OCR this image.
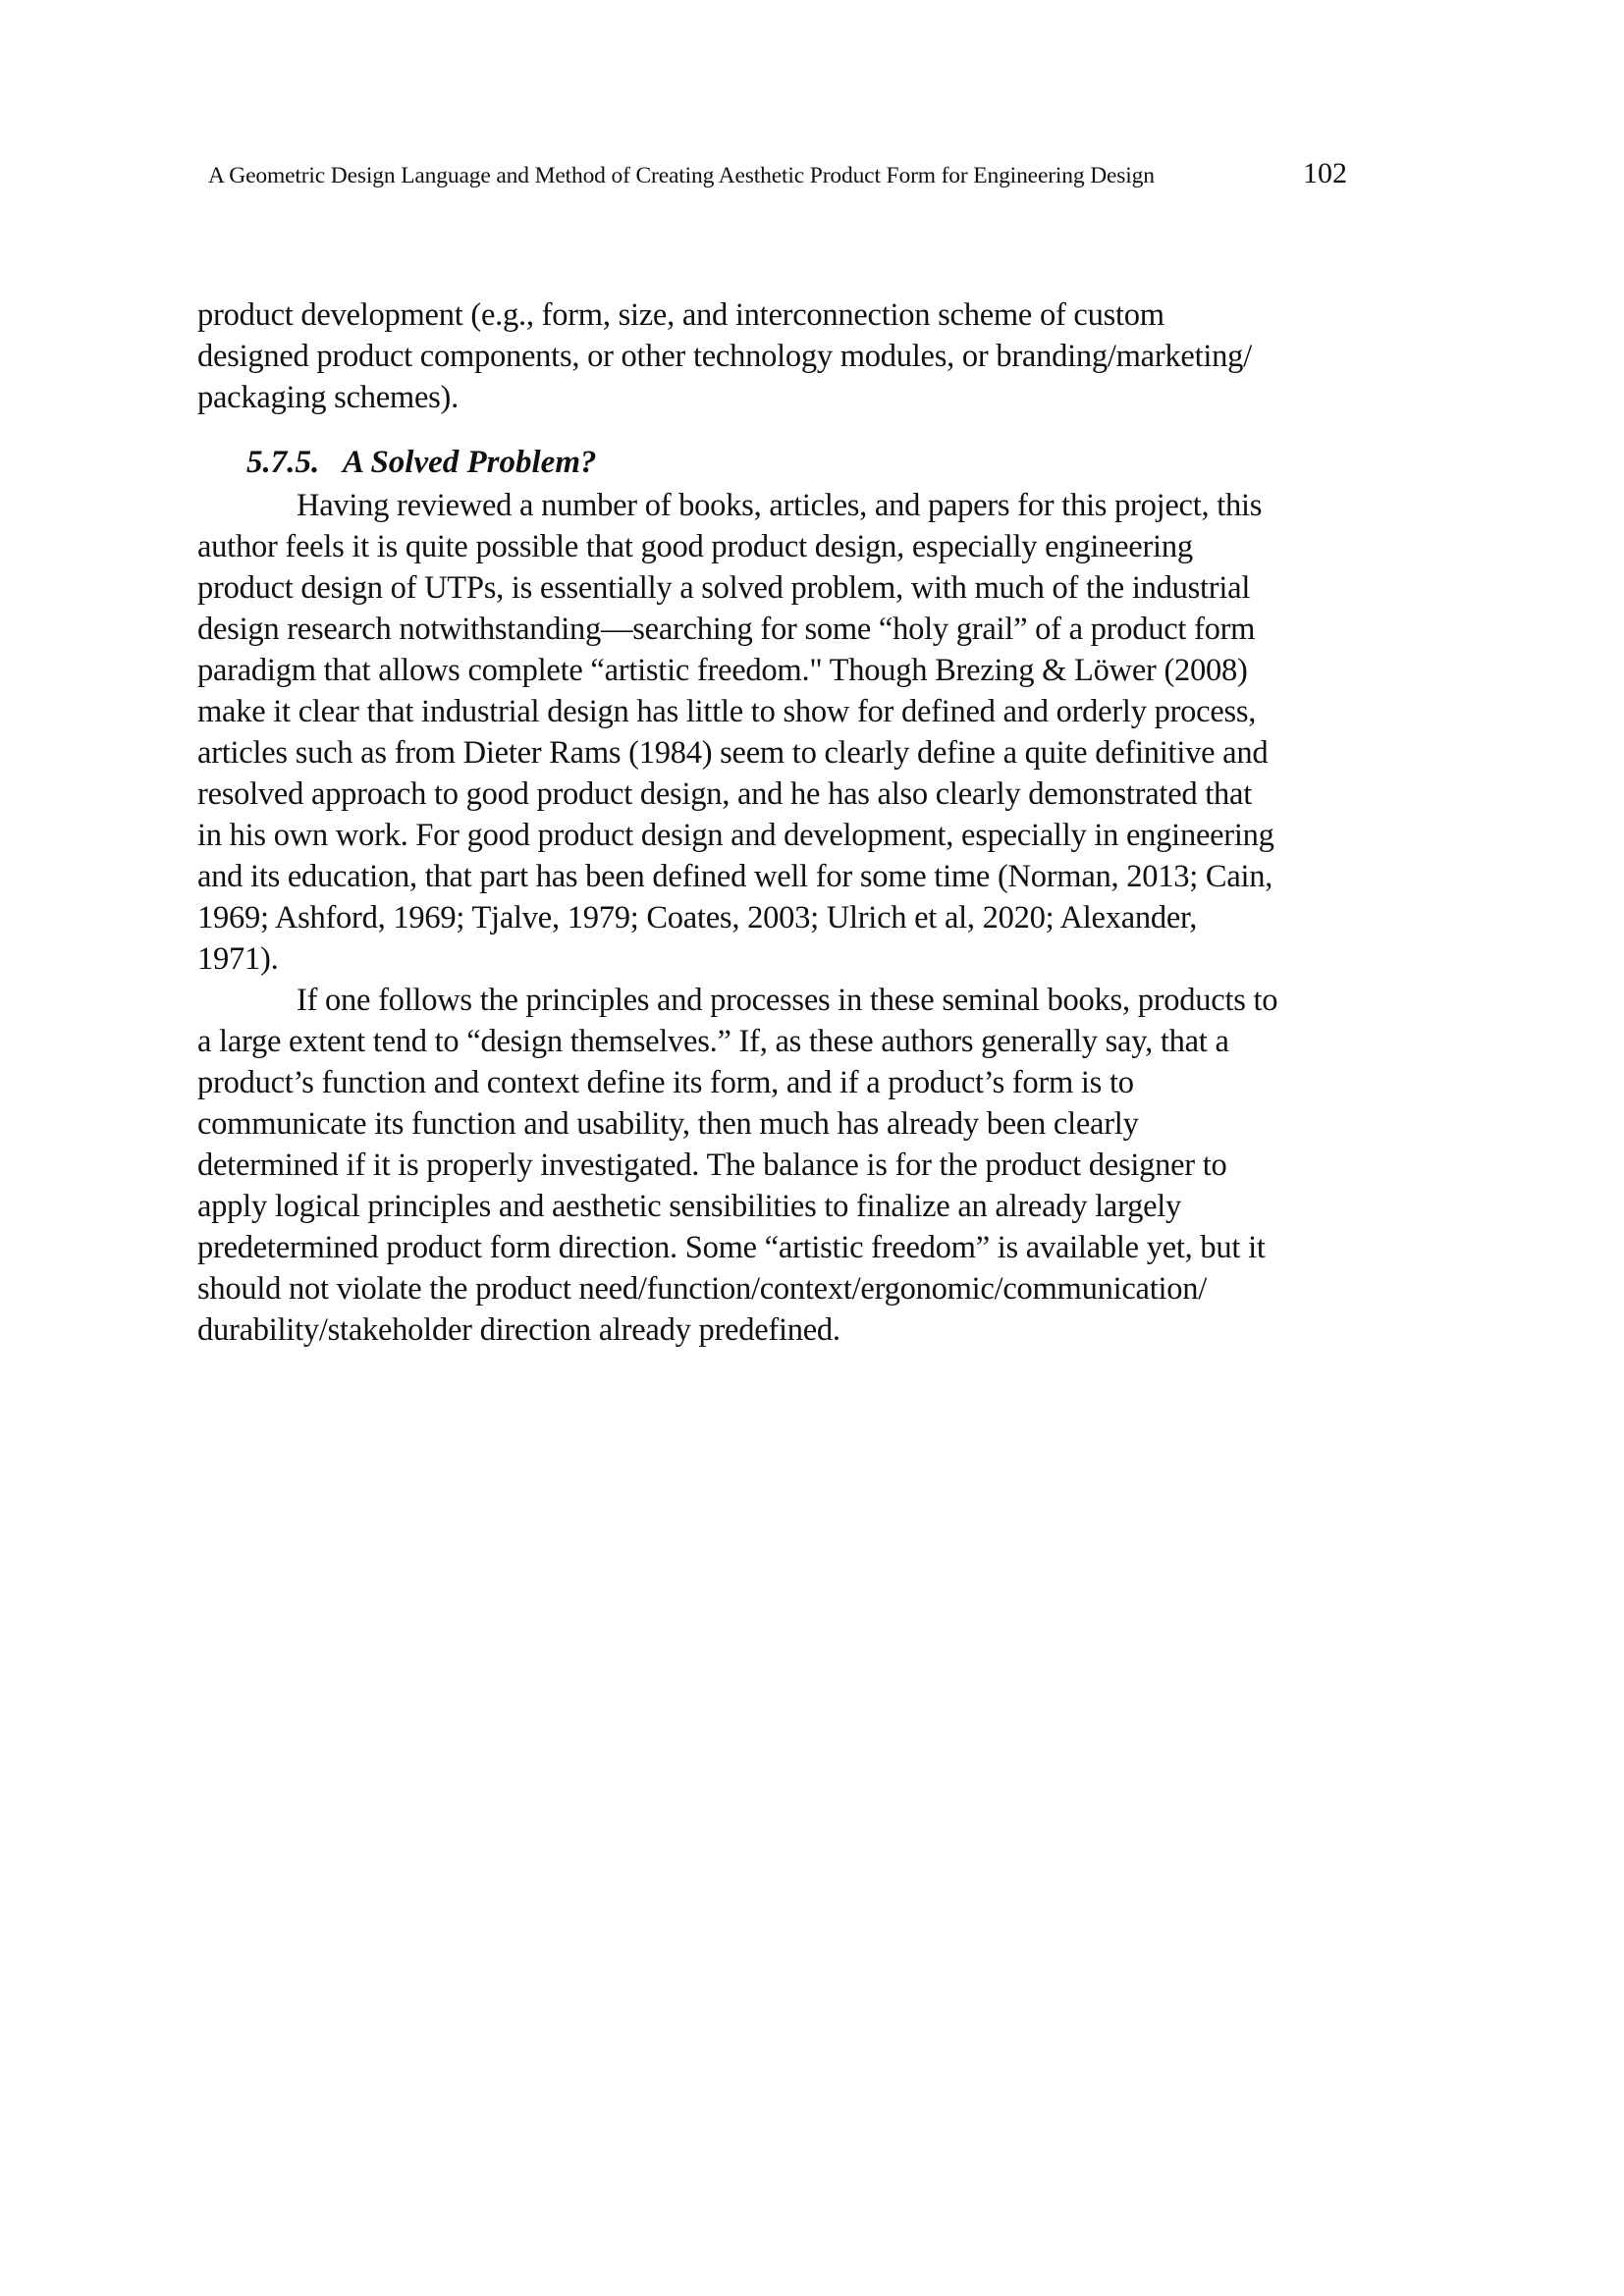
A Geometric Design Language and Method of Creating Aesthetic Product Form for Engineering Design	102
product development (e.g., form, size, and interconnection scheme of custom
designed product components, or other technology modules, or branding/marketing/
packaging schemes).
5.7.5. A Solved Problem?
Having reviewed a number of books, articles, and papers for this project, this
author feels it is quite possible that good product design, especially engineering
product design of UTPs, is essentially a solved problem, with much of the industrial
design research notwithstanding—searching for some “holy grail” of a product form
paradigm that allows complete “artistic freedom." Though Brezing & Löwer (2008)
make it clear that industrial design has little to show for defined and orderly process,
articles such as from Dieter Rams (1984) seem to clearly define a quite definitive and
resolved approach to good product design, and he has also clearly demonstrated that
in his own work. For good product design and development, especially in engineering
and its education, that part has been defined well for some time (Norman, 2013; Cain,
1969; Ashford, 1969; Tjalve, 1979; Coates, 2003; Ulrich et al, 2020; Alexander,
1971).
If one follows the principles and processes in these seminal books, products to
a large extent tend to “design themselves.” If, as these authors generally say, that a
product’s function and context define its form, and if a product’s form is to
communicate its function and usability, then much has already been clearly
determined if it is properly investigated. The balance is for the product designer to
apply logical principles and aesthetic sensibilities to finalize an already largely
predetermined product form direction. Some “artistic freedom” is available yet, but it
should not violate the product need/function/context/ergonomic/communication/
durability/stakeholder direction already predefined.
